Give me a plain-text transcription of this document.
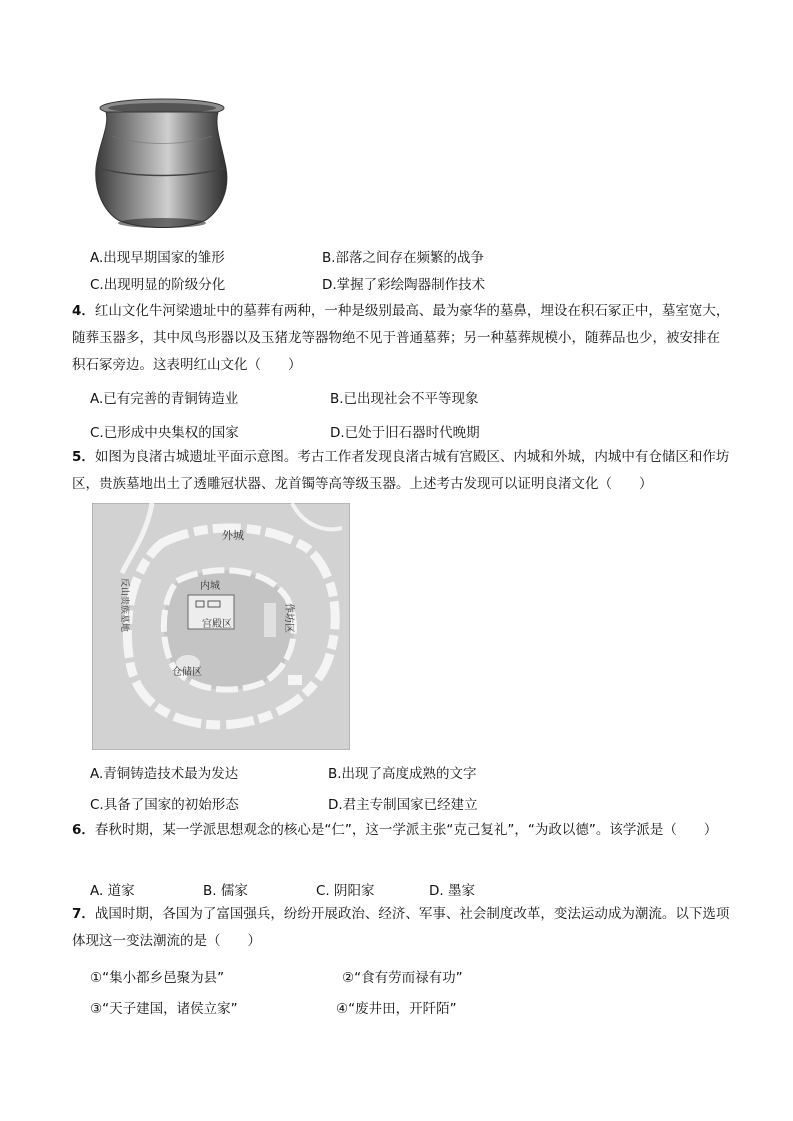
A.出现早期国家的雏形	B.部落之间存在频繁的战争
C.出现明显的阶级分化	D.掌握了彩绘陶器制作技术
4．红山文化牛河梁遗址中的墓葬有两种，一种是级别最高、最为豪华的墓鼻，埋设在积石冢正中，墓室宽大，随葬玉器多，其中凤鸟形器以及玉猪龙等器物绝不见于普通墓葬；另一种墓葬规模小，随葬品也少，被安排在积石冢旁边。这表明红山文化（　　）
A.已有完善的青铜铸造业	B.已出现社会不平等现象
C.已形成中央集权的国家	D.已处于旧石器时代晚期
5．如图为良渚古城遗址平面示意图。考古工作者发现良渚古城有宫殿区、内城和外城，内城中有仓储区和作坊区，贵族墓地出土了透雕冠状器、龙首镯等高等级玉器。上述考古发现可以证明良渚文化（　　）
外城
内城
宫殿区
仓储区
作坊区
反山贵族墓地
A.青铜铸造技术最为发达	B.出现了高度成熟的文字
C.具备了国家的初始形态	D.君主专制国家已经建立
6．春秋时期，某一学派思想观念的核心是“仁”，这一学派主张“克己复礼”，“为政以德”。该学派是（　　）
A. 道家	B. 儒家	C. 阴阳家	D. 墨家
7．战国时期，各国为了富国强兵，纷纷开展政治、经济、军事、社会制度改革，变法运动成为潮流。以下选项体现这一变法潮流的是（　　）
①“集小都乡邑聚为县”	②“食有劳而禄有功”
③“天子建国，诸侯立家”	④“废井田，开阡陌”
